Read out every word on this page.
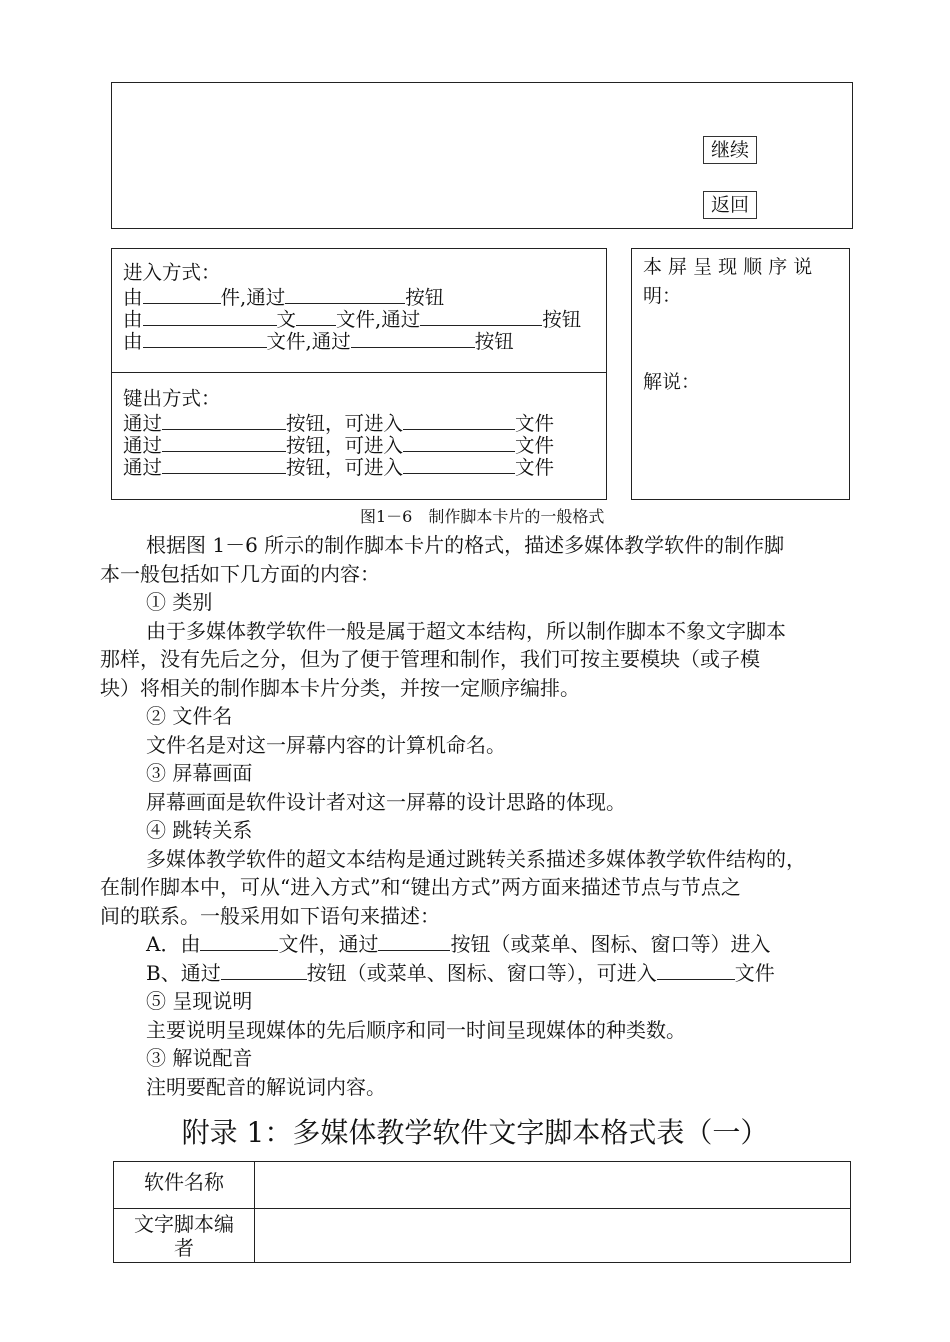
继续
返回
进入方式：
由	件,通过	按钮
由	文 文件,通过	按钮
由	文件,通过	按钮
键出方式：
通过	按钮，可进入	文件
通过	按钮，可进入	文件
通过	按钮，可进入	文件
本 屏 呈 现 顺 序 说
明：
解说：
图1－6　制作脚本卡片的一般格式
根据图 1－6 所示的制作脚本卡片的格式，描述多媒体教学软件的制作脚
本一般包括如下几方面的内容：
① 类别
由于多媒体教学软件一般是属于超文本结构，所以制作脚本不象文字脚本
那样，没有先后之分，但为了便于管理和制作，我们可按主要模块（或子模
块）将相关的制作脚本卡片分类，并按一定顺序编排。
② 文件名
文件名是对这一屏幕内容的计算机命名。
③ 屏幕画面
屏幕画面是软件设计者对这一屏幕的设计思路的体现。
④ 跳转关系
多媒体教学软件的超文本结构是通过跳转关系描述多媒体教学软件结构的，
在制作脚本中，可从“进入方式”和“键出方式”两方面来描述节点与节点之
间的联系。一般采用如下语句来描述：
A．由	文件，通过	按钮（或菜单、图标、窗口等）进入
B、通过	按钮（或菜单、图标、窗口等），可进入	文件
⑤ 呈现说明
主要说明呈现媒体的先后顺序和同一时间呈现媒体的种类数。
③ 解说配音
注明要配音的解说词内容。
附录 1：多媒体教学软件文字脚本格式表（一）
软件名称	

文字脚本编
者	
